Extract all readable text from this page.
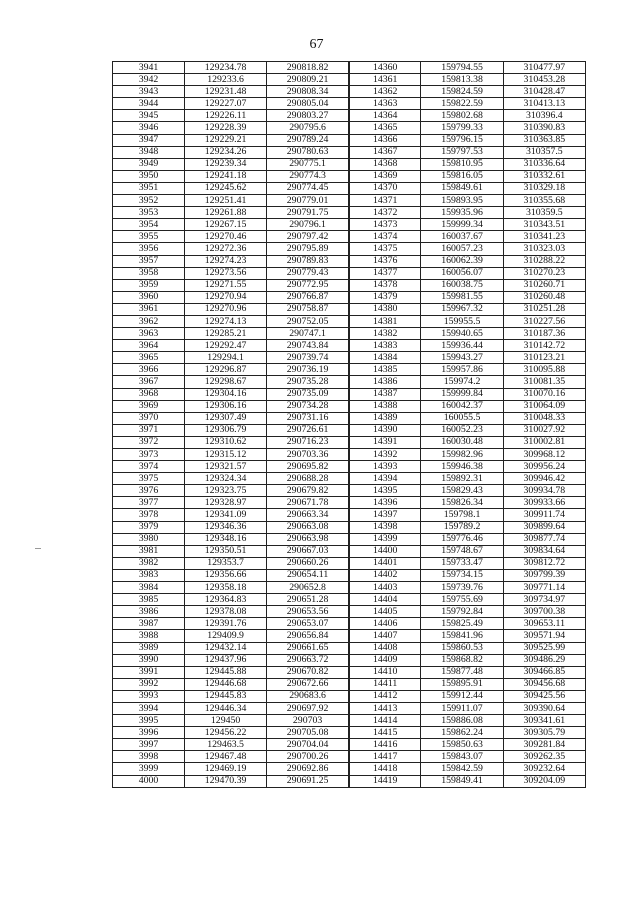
67
3941	129234.78	290818.82	14360	159794.55	310477.97
3942	129233.6	290809.21	14361	159813.38	310453.28
3943	129231.48	290808.34	14362	159824.59	310428.47
3944	129227.07	290805.04	14363	159822.59	310413.13
3945	129226.11	290803.27	14364	159802.68	310396.4
3946	129228.39	290795.6	14365	159799.33	310390.83
3947	129229.21	290789.24	14366	159796.15	310363.85
3948	129234.26	290780.63	14367	159797.53	310357.5
3949	129239.34	290775.1	14368	159810.95	310336.64
3950	129241.18	290774.3	14369	159816.05	310332.61
3951	129245.62	290774.45	14370	159849.61	310329.18
3952	129251.41	290779.01	14371	159893.95	310355.68
3953	129261.88	290791.75	14372	159935.96	310359.5
3954	129267.15	290796.1	14373	159999.34	310343.51
3955	129270.46	290797.42	14374	160037.67	310341.23
3956	129272.36	290795.89	14375	160057.23	310323.03
3957	129274.23	290789.83	14376	160062.39	310288.22
3958	129273.56	290779.43	14377	160056.07	310270.23
3959	129271.55	290772.95	14378	160038.75	310260.71
3960	129270.94	290766.87	14379	159981.55	310260.48
3961	129270.96	290758.87	14380	159967.32	310251.28
3962	129274.13	290752.05	14381	159955.5	310227.56
3963	129285.21	290747.1	14382	159940.65	310187.36
3964	129292.47	290743.84	14383	159936.44	310142.72
3965	129294.1	290739.74	14384	159943.27	310123.21
3966	129296.87	290736.19	14385	159957.86	310095.88
3967	129298.67	290735.28	14386	159974.2	310081.35
3968	129304.16	290735.09	14387	159999.84	310070.16
3969	129306.16	290734.28	14388	160042.37	310064.09
3970	129307.49	290731.16	14389	160055.5	310048.33
3971	129306.79	290726.61	14390	160052.23	310027.92
3972	129310.62	290716.23	14391	160030.48	310002.81
3973	129315.12	290703.36	14392	159982.96	309968.12
3974	129321.57	290695.82	14393	159946.38	309956.24
3975	129324.34	290688.28	14394	159892.31	309946.42
3976	129323.75	290679.82	14395	159829.43	309934.78
3977	129328.97	290671.78	14396	159826.34	309933.66
3978	129341.09	290663.34	14397	159798.1	309911.74
3979	129346.36	290663.08	14398	159789.2	309899.64
3980	129348.16	290663.98	14399	159776.46	309877.74
3981	129350.51	290667.03	14400	159748.67	309834.64
3982	129353.7	290660.26	14401	159733.47	309812.72
3983	129356.66	290654.11	14402	159734.15	309799.39
3984	129358.18	290652.8	14403	159739.76	309771.14
3985	129364.83	290651.28	14404	159755.69	309734.97
3986	129378.08	290653.56	14405	159792.84	309700.38
3987	129391.76	290653.07	14406	159825.49	309653.11
3988	129409.9	290656.84	14407	159841.96	309571.94
3989	129432.14	290661.65	14408	159860.53	309525.99
3990	129437.96	290663.72	14409	159868.82	309486.29
3991	129445.88	290670.82	14410	159877.48	309466.85
3992	129446.68	290672.66	14411	159895.91	309456.68
3993	129445.83	290683.6	14412	159912.44	309425.56
3994	129446.34	290697.92	14413	159911.07	309390.64
3995	129450	290703	14414	159886.08	309341.61
3996	129456.22	290705.08	14415	159862.24	309305.79
3997	129463.5	290704.04	14416	159850.63	309281.84
3998	129467.48	290700.26	14417	159843.07	309262.35
3999	129469.19	290692.86	14418	159842.59	309232.64
4000	129470.39	290691.25	14419	159849.41	309204.09
